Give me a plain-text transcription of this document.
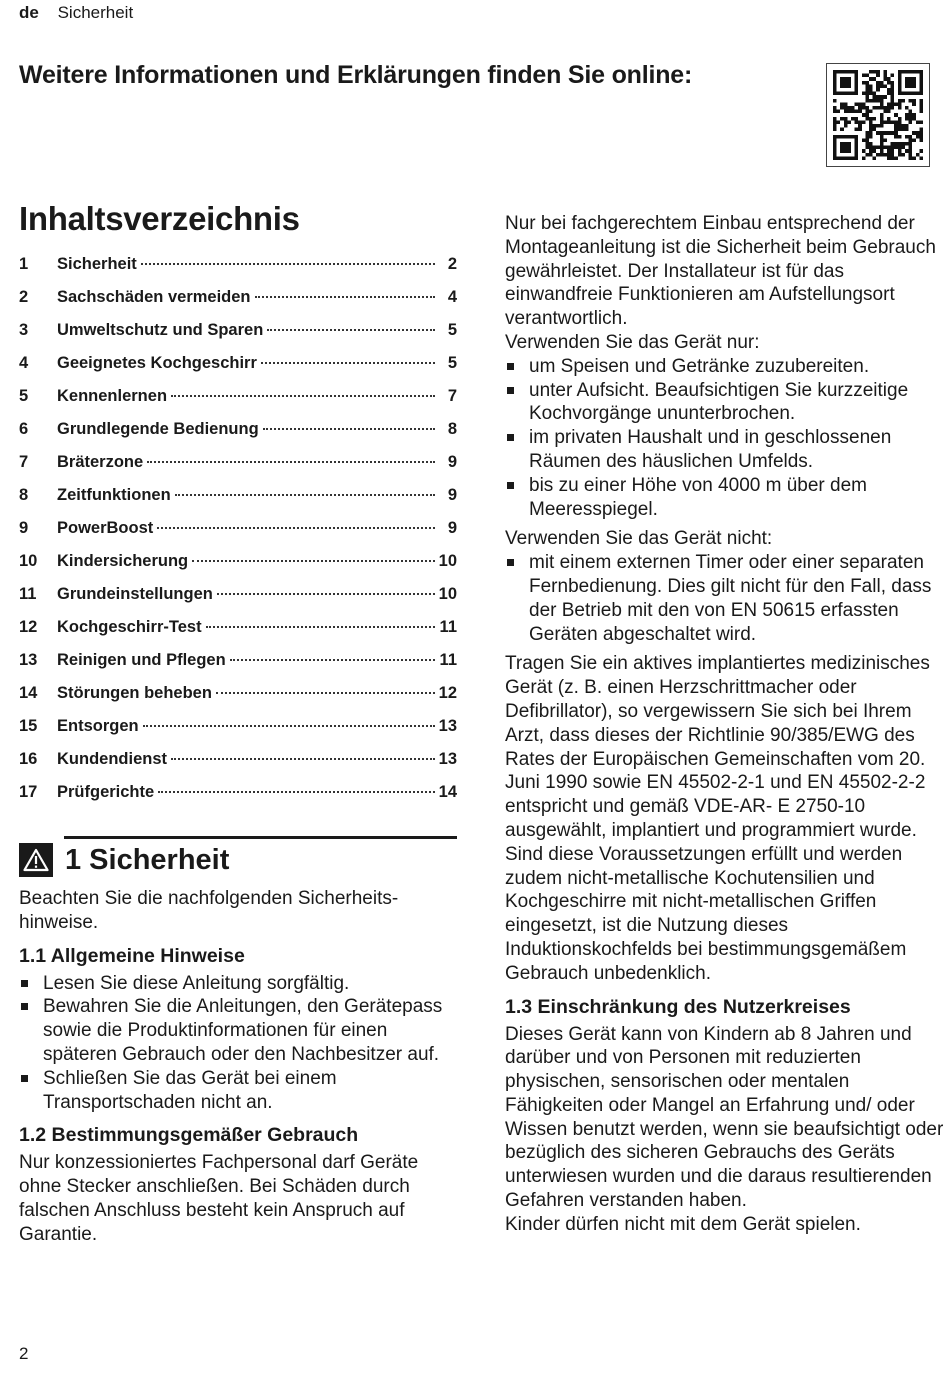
de Sicherheit
Weitere Informationen und Erklärungen finden Sie online:
Inhaltsverzeichnis
1	Sicherheit	2
2	Sachschäden vermeiden	4
3	Umweltschutz und Sparen	5
4	Geeignetes Kochgeschirr	5
5	Kennenlernen	7
6	Grundlegende Bedienung	8
7	Bräterzone	9
8	Zeitfunktionen	9
9	PowerBoost	9
10	Kindersicherung	10
11	Grundeinstellungen	10
12	Kochgeschirr-Test	11
13	Reinigen und Pflegen	11
14	Störungen beheben	12
15	Entsorgen	13
16	Kundendienst	13
17	Prüfgerichte	14
1 Sicherheit

Beachten Sie die nachfolgenden Sicherheits-hinweise.

1.1 Allgemeine Hinweise
Lesen Sie diese Anleitung sorgfältig.
Bewahren Sie die Anleitungen, den Gerätepass sowie die Produktinformationen für einen späteren Gebrauch oder den Nachbesitzer auf.
Schließen Sie das Gerät bei einem Transportschaden nicht an.
1.2 Bestimmungsgemäßer Gebrauch

Nur konzessioniertes Fachpersonal darf Geräte ohne Stecker anschließen. Bei Schäden durch falschen Anschluss besteht kein Anspruch auf Garantie.

Nur bei fachgerechtem Einbau entsprechend der Montageanleitung ist die Sicherheit beim Gebrauch gewährleistet. Der Installateur ist für das einwandfreie Funktionieren am Aufstellungsort verantwortlich.

Verwenden Sie das Gerät nur:

um Speisen und Getränke zuzubereiten.
unter Aufsicht. Beaufsichtigen Sie kurzzeitige Kochvorgänge ununterbrochen.
im privaten Haushalt und in geschlossenen Räumen des häuslichen Umfelds.
bis zu einer Höhe von 4000 m über dem Meeresspiegel.

Verwenden Sie das Gerät nicht:

mit einem externen Timer oder einer separaten Fernbedienung. Dies gilt nicht für den Fall, dass der Betrieb mit den von EN 50615 erfassten Geräten abgeschaltet wird.

Tragen Sie ein aktives implantiertes medizinisches Gerät (z. B. einen Herzschrittmacher oder Defibrillator), so vergewissern Sie sich bei Ihrem Arzt, dass dieses der Richtlinie 90/385/EWG des Rates der Europäischen Gemeinschaften vom 20. Juni 1990 sowie EN 45502-2-1 und EN 45502-2-2 entspricht und gemäß VDE-AR- E 2750-10 ausgewählt, implantiert und programmiert wurde. Sind diese Voraussetzungen erfüllt und werden zudem nicht-metallische Kochutensilien und Kochgeschirre mit nicht-metallischen Griffen eingesetzt, ist die Nutzung dieses Induktionskochfelds bei bestimmungsgemäßem Gebrauch unbedenklich.

1.3 Einschränkung des Nutzerkreises

Dieses Gerät kann von Kindern ab 8 Jahren und darüber und von Personen mit reduzierten physischen, sensorischen oder mentalen Fähigkeiten oder Mangel an Erfahrung und/ oder Wissen benutzt werden, wenn sie beaufsichtigt oder bezüglich des sicheren Gebrauchs des Geräts unterwiesen wurden und die daraus resultierenden Gefahren verstanden haben.

Kinder dürfen nicht mit dem Gerät spielen.

2
